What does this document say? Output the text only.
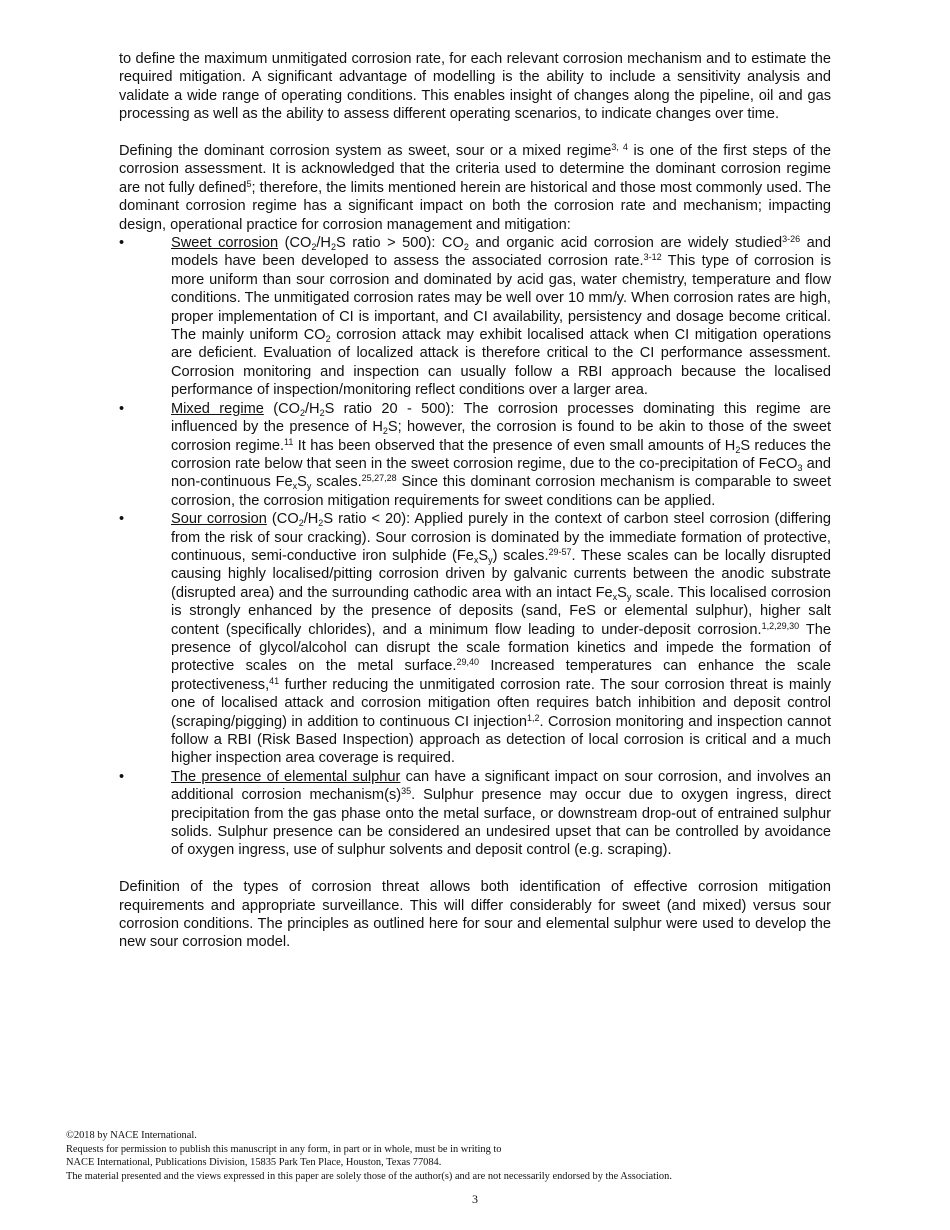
to define the maximum unmitigated corrosion rate, for each relevant corrosion mechanism and to estimate the required mitigation. A significant advantage of modelling is the ability to include a sensitivity analysis and validate a wide range of operating conditions. This enables insight of changes along the pipeline, oil and gas processing as well as the ability to assess different operating scenarios, to indicate changes over time.

Defining the dominant corrosion system as sweet, sour or a mixed regime$^{3, 4}$ is one of the first steps of the corrosion assessment. It is acknowledged that the criteria used to determine the dominant corrosion regime are not fully defined$^5$; therefore, the limits mentioned herein are historical and those most commonly used. The dominant corrosion regime has a significant impact on both the corrosion rate and mechanism; impacting design, operational practice for corrosion management and mitigation:

•	Sweet corrosion ($CO_2/H_2S$ ratio > 500): $CO_2$ and organic acid corrosion are widely studied$^{3-26}$ and models have been developed to assess the associated corrosion rate.$^{3-12}$ This type of corrosion is more uniform than sour corrosion and dominated by acid gas, water chemistry, temperature and flow conditions. The unmitigated corrosion rates may be well over 10 mm/y. When corrosion rates are high, proper implementation of CI is important, and CI availability, persistency and dosage become critical. The mainly uniform $CO_2$ corrosion attack may exhibit localised attack when CI mitigation operations are deficient. Evaluation of localized attack is therefore critical to the CI performance assessment. Corrosion monitoring and inspection can usually follow a RBI approach because the localised performance of inspection/monitoring reflect conditions over a larger area.

•	Mixed regime ($CO_2/H_2S$ ratio 20 - 500): The corrosion processes dominating this regime are influenced by the presence of $H_2S$; however, the corrosion is found to be akin to those of the sweet corrosion regime.$^{11}$ It has been observed that the presence of even small amounts of $H_2S$ reduces the corrosion rate below that seen in the sweet corrosion regime, due to the co-precipitation of FeCO$_3$ and non-continuous $Fe_xS_y$ scales.$^{25,27,28}$ Since this dominant corrosion mechanism is comparable to sweet corrosion, the corrosion mitigation requirements for sweet conditions can be applied.

•	Sour corrosion ($CO_2/H_2S$ ratio < 20): Applied purely in the context of carbon steel corrosion (differing from the risk of sour cracking). Sour corrosion is dominated by the immediate formation of protective, continuous, semi-conductive iron sulphide $(Fe_xS_y)$ scales.$^{29-57}$. These scales can be locally disrupted causing highly localised/pitting corrosion driven by galvanic currents between the anodic substrate (disrupted area) and the surrounding cathodic area with an intact $Fe_xS_y$ scale. This localised corrosion is strongly enhanced by the presence of deposits (sand, FeS or elemental sulphur), higher salt content (specifically chlorides), and a minimum flow leading to under-deposit corrosion.$^{1,2,29,30}$ The presence of glycol/alcohol can disrupt the scale formation kinetics and impede the formation of protective scales on the metal surface.$^{29,40}$ Increased temperatures can enhance the scale protectiveness,$^{41}$ further reducing the unmitigated corrosion rate. The sour corrosion threat is mainly one of localised attack and corrosion mitigation often requires batch inhibition and deposit control (scraping/pigging) in addition to continuous CI injection$^{1,2}$. Corrosion monitoring and inspection cannot follow a RBI (Risk Based Inspection) approach as detection of local corrosion is critical and a much higher inspection area coverage is required.

•	The presence of elemental sulphur can have a significant impact on sour corrosion, and involves an additional corrosion $mechanism(s)^{35}$. Sulphur presence may occur due to oxygen ingress, direct precipitation from the gas phase onto the metal surface, or downstream drop-out of entrained sulphur solids. Sulphur presence can be considered an undesired upset that can be controlled by avoidance of oxygen ingress, use of sulphur solvents and deposit control (e.g. scraping).

Definition of the types of corrosion threat allows both identification of effective corrosion mitigation requirements and appropriate surveillance. This will differ considerably for sweet (and mixed) versus sour corrosion conditions. The principles as outlined here for sour and elemental sulphur were used to develop the new sour corrosion model.

©2018 by NACE International.
Requests for permission to publish this manuscript in any form, in part or in whole, must be in writing to
NACE International, Publications Division, 15835 Park Ten Place, Houston, Texas 77084.
The material presented and the views expressed in this paper are solely those of the author(s) and are not necessarily endorsed by the Association.
3
